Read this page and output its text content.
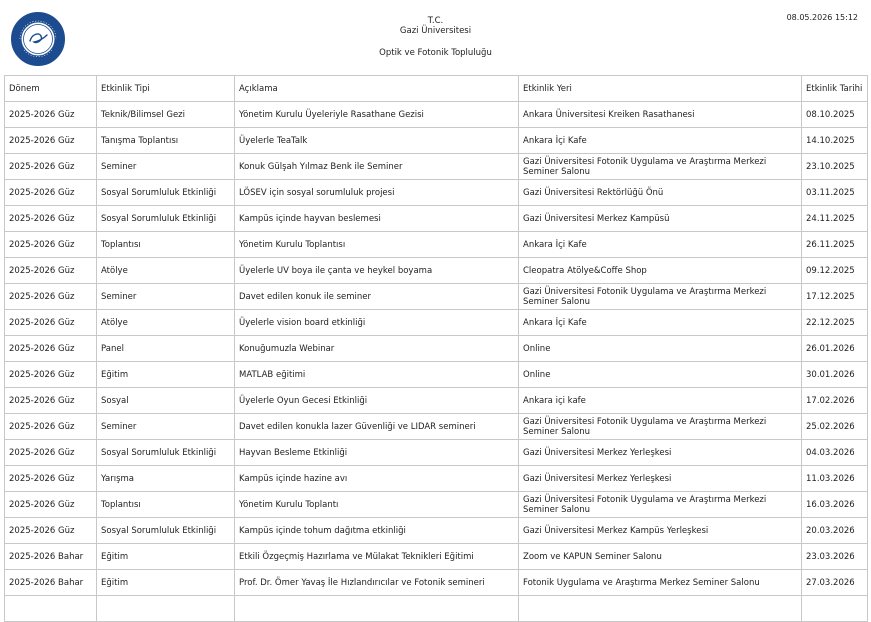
T.C.
Gazi Üniversitesi
Optik ve Fotonik Topluluğu
08.05.2026 15:12
Dönem	Etkinlik Tipi	Açıklama	Etkinlik Yeri	Etkinlik Tarihi
2025-2026 Güz	Teknik/Bilimsel Gezi	Yönetim Kurulu Üyeleriyle Rasathane Gezisi	Ankara Üniversitesi Kreiken Rasathanesi	08.10.2025
2025-2026 Güz	Tanışma Toplantısı	Üyelerle TeaTalk	Ankara İçi Kafe	14.10.2025
2025-2026 Güz	Seminer	Konuk Gülşah Yılmaz Benk ile Seminer	Gazi Üniversitesi Fotonik Uygulama ve Araştırma Merkezi Seminer Salonu	23.10.2025
2025-2026 Güz	Sosyal Sorumluluk Etkinliği	LÖSEV için sosyal sorumluluk projesi	Gazi Üniversitesi Rektörlüğü Önü	03.11.2025
2025-2026 Güz	Sosyal Sorumluluk Etkinliği	Kampüs içinde hayvan beslemesi	Gazi Üniversitesi Merkez Kampüsü	24.11.2025
2025-2026 Güz	Toplantısı	Yönetim Kurulu Toplantısı	Ankara İçi Kafe	26.11.2025
2025-2026 Güz	Atölye	Üyelerle UV boya ile çanta ve heykel boyama	Cleopatra Atölye&Coffe Shop	09.12.2025
2025-2026 Güz	Seminer	Davet edilen konuk ile seminer	Gazi Üniversitesi Fotonik Uygulama ve Araştırma Merkezi Seminer Salonu	17.12.2025
2025-2026 Güz	Atölye	Üyelerle vision board etkinliği	Ankara İçi Kafe	22.12.2025
2025-2026 Güz	Panel	Konuğumuzla Webinar	Online	26.01.2026
2025-2026 Güz	Eğitim	MATLAB eğitimi	Online	30.01.2026
2025-2026 Güz	Sosyal	Üyelerle Oyun Gecesi Etkinliği	Ankara içi kafe	17.02.2026
2025-2026 Güz	Seminer	Davet edilen konukla lazer Güvenliği ve LIDAR semineri	Gazi Üniversitesi Fotonik Uygulama ve Araştırma Merkezi Seminer Salonu	25.02.2026
2025-2026 Güz	Sosyal Sorumluluk Etkinliği	Hayvan Besleme Etkinliği	Gazi Üniversitesi Merkez Yerleşkesi	04.03.2026
2025-2026 Güz	Yarışma	Kampüs içinde hazine avı	Gazi Üniversitesi Merkez Yerleşkesi	11.03.2026
2025-2026 Güz	Toplantısı	Yönetim Kurulu Toplantı	Gazi Üniversitesi Fotonik Uygulama ve Araştırma Merkezi Seminer Salonu	16.03.2026
2025-2026 Güz	Sosyal Sorumluluk Etkinliği	Kampüs içinde tohum dağıtma etkinliği	Gazi Üniversitesi Merkez Kampüs Yerleşkesi	20.03.2026
2025-2026 Bahar	Eğitim	Etkili Özgeçmiş Hazırlama ve Mülakat Teknikleri Eğitimi	Zoom ve KAPUN Seminer Salonu	23.03.2026
2025-2026 Bahar	Eğitim	Prof. Dr. Ömer Yavaş İle Hızlandırıcılar ve Fotonik semineri	Fotonik Uygulama ve Araştırma Merkez Seminer Salonu	27.03.2026
